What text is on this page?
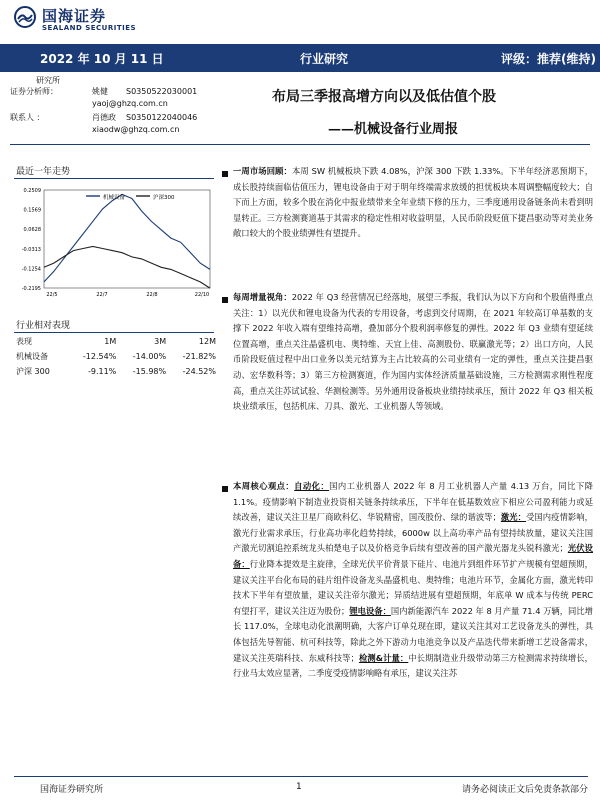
国海证券
SEALAND SECURITIES
2022 年 10 月 11 日	行业研究	评级：推荐(维持)
研究所
证券分析师：	姚健 S0350522030001
yaoj@ghzq.com.cn
联系人 ：	肖德政 S0350122040046
xiaodw@ghzq.com.cn
布局三季报高增方向以及低估值个股
——机械设备行业周报
最近一年走势
0.2509
0.1569
0.0628
-0.0313
-0.1254
-0.2195
22/5	22/7	22/8	22/10
机械设备	沪深300
行业相对表现
表现	1M	3M	12M
机械设备	-12.54%	-14.00%	-21.82%
沪深 300	-9.11%	-15.98%	-24.52%
一周市场回顾：本周 SW 机械板块下跌 4.08%，沪深 300 下跌 1.33%。下半年经济恶预期下，成长股持续面临估值压力，锂电设备由于对于明年终端需求放缓的担忧板块本周调整幅度较大；自下而上方面，较多个股在消化中报业绩带来全年业绩下修的压力，三季度通用设备链条尚未看到明显转正。三方检测赛道基于其需求的稳定性相对收益明显，人民币阶段贬值下捷昌驱动等对美业务敞口较大的个股业绩弹性有望提升。
每周增量视角：2022 年 Q3 经营情况已经落地，展望三季报，我们认为以下方向和个股值得重点关注：1）以光伏和锂电设备为代表的专用设备，考虑到交付周期，在 2021 年较高订单基数的支撑下 2022 年收入端有望维持高增，叠加部分个股利润率修复的弹性。2022 年 Q3 业绩有望延续位置高增，重点关注晶盛机电、奥特维、天宜上佳、高测股份、联赢激光等；2）出口方向，人民币阶段贬值过程中出口业务以美元结算为主占比较高的公司业绩有一定的弹性，重点关注捷昌驱动、宏华数科等；3）第三方检测赛道，作为国内实体经济质量基础设施，三方检测需求刚性程度高，重点关注苏试试验、华测检测等。另外通用设备板块业绩持续承压，预计 2022 年 Q3 相关板块业绩承压，包括机床、刀具、激光、工业机器人等领域。
本周核心观点：自动化：国内工业机器人 2022 年 8 月工业机器人产量 4.13 万台，同比下降 1.1%。疫情影响下制造业投资相关链条持续承压，下半年在低基数效应下相应公司盈利能力或延续改善，建议关注卫星厂商欧科亿、华锐精密，国茂股份、绿的谐波等；激光：受国内疫情影响，激光行业需求承压，行业高功率化趋势持续，6000w 以上高功率产品有望持续放量，建议关注国产激光切割追控系统龙头柏楚电子以及价格竞争后续有望改善的国产激光器龙头锐科激光；光伏设备：行业降本提效是主旋律，全球光伏平价背景下硅片、电池片到组件环节扩产规模有望超预期，建议关注平台化布局的硅片组件设备龙头晶盛机电、奥特维；电池片环节，金属化方面，激光转印技术下半年有望放量，建议关注帝尔激光；异质结进展有望超预期，年底单 W 成本与传统 PERC 有望打平，建议关注迈为股份；锂电设备：国内新能源汽车 2022 年 8 月产量 71.4 万辆，同比增长 117.0%，全球电动化浪潮明确，大客户订单兑现在即，建议关注其对工艺设备龙头的弹性，具体包括先导智能、杭可科技等，除此之外下游动力电池竞争以及产品迭代带来新增工艺设备需求，建议关注英瑞科技、东威科技等；检测&计量：中长期制造业升级带动第三方检测需求持续增长，行业马太效应显著，二季度受疫情影响略有承压，建议关注苏
国海证券研究所	1	请务必阅读正文后免责条款部分
